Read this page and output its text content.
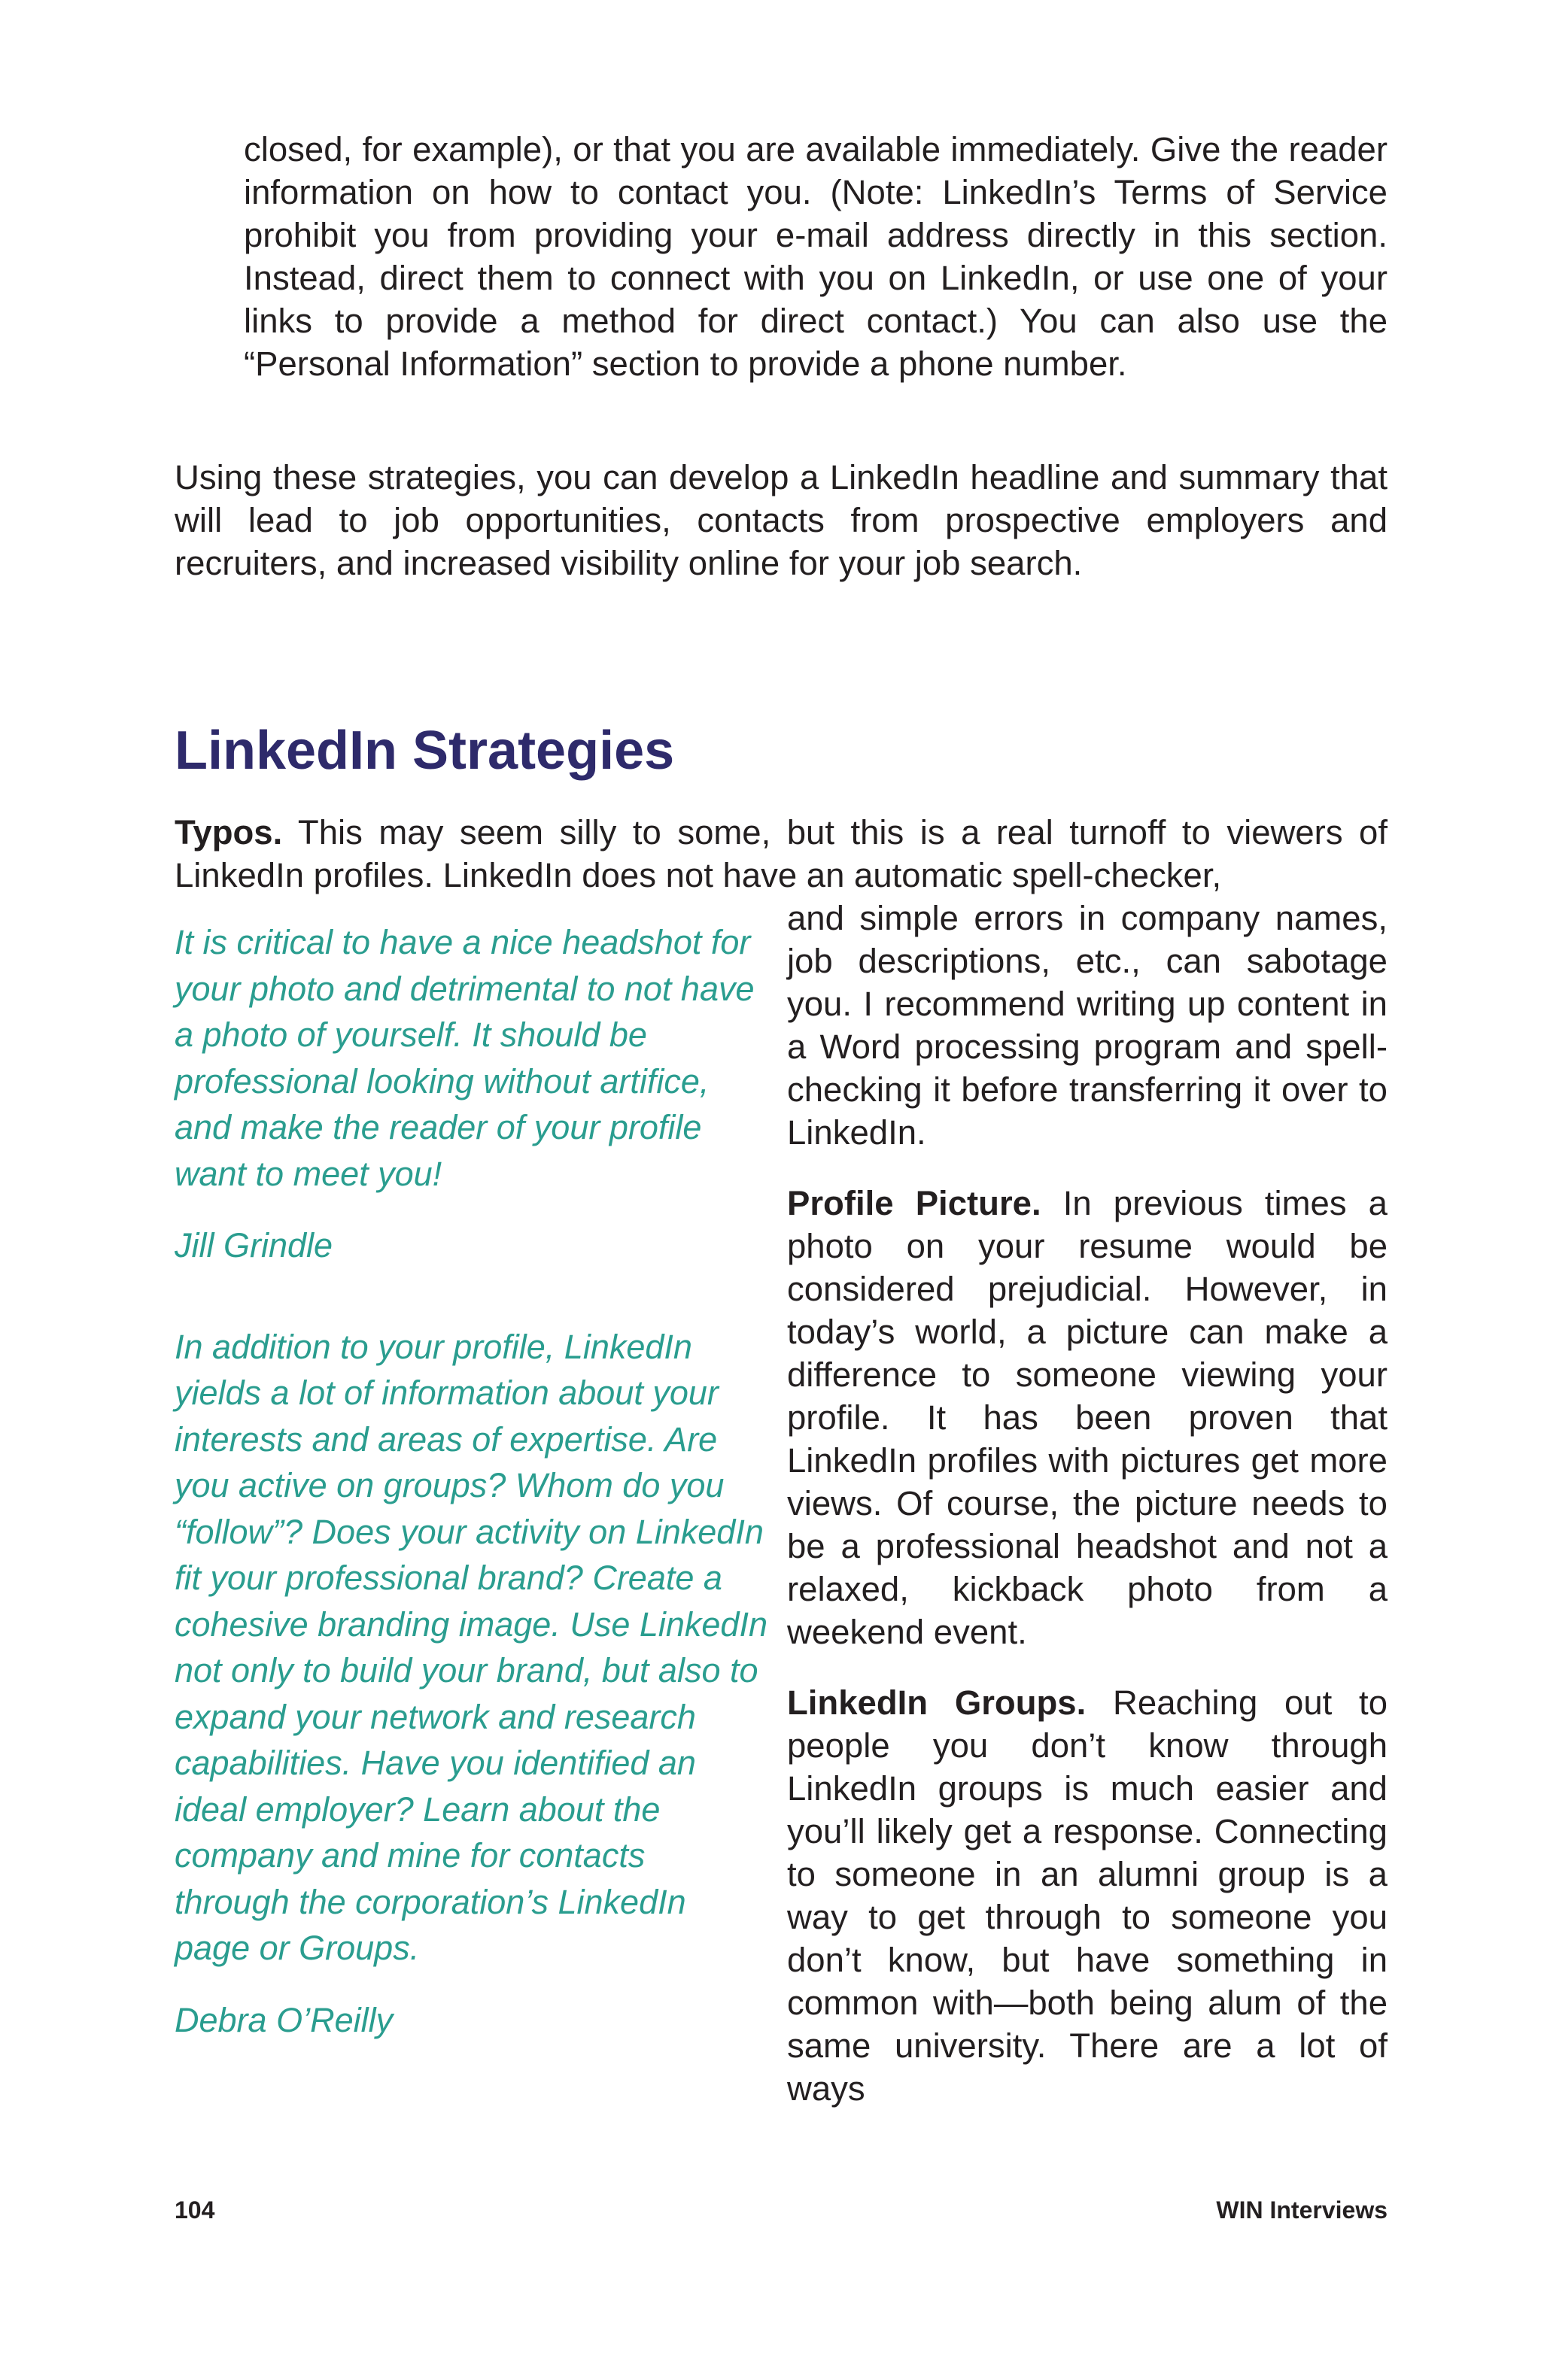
closed, for example), or that you are available immediately. Give the reader information on how to contact you. (Note: LinkedIn’s Terms of Service prohibit you from providing your e-mail address directly in this section. Instead, direct them to connect with you on LinkedIn, or use one of your links to provide a method for direct contact.) You can also use the “Personal Information” section to provide a phone number.

Using these strategies, you can develop a LinkedIn headline and summary that will lead to job opportunities, contacts from prospective employers and recruiters, and increased visibility online for your job search.

LinkedIn Strategies

Typos. This may seem silly to some, but this is a real turnoff to viewers of LinkedIn profiles. LinkedIn does not have an automatic spell-checker,

and simple errors in company names, job descriptions, etc., can sabotage you. I recommend writing up content in a Word processing program and spell-checking it before transferring it over to LinkedIn.

Profile Picture. In previous times a photo on your resume would be considered prejudicial. However, in today’s world, a picture can make a difference to someone viewing your profile. It has been proven that LinkedIn profiles with pictures get more views. Of course, the picture needs to be a professional headshot and not a relaxed, kickback photo from a weekend event.

LinkedIn Groups. Reaching out to people you don’t know through LinkedIn groups is much easier and you’ll likely get a response. Connecting to someone in an alumni group is a way to get through to someone you don’t know, but have something in common with—both being alum of the same university. There are a lot of ways

It is critical to have a nice headshot for your photo and detrimental to not have a photo of yourself. It should be professional looking without artifice, and make the reader of your profile want to meet you!

Jill Grindle

In addition to your profile, LinkedIn yields a lot of information about your interests and areas of expertise. Are you active on groups? Whom do you “follow”? Does your activity on LinkedIn fit your professional brand? Create a cohesive branding image. Use LinkedIn not only to build your brand, but also to expand your network and research capabilities. Have you identified an ideal employer? Learn about the company and mine for contacts through the corporation’s LinkedIn page or Groups.

Debra O’Reilly

104	WIN Interviews
